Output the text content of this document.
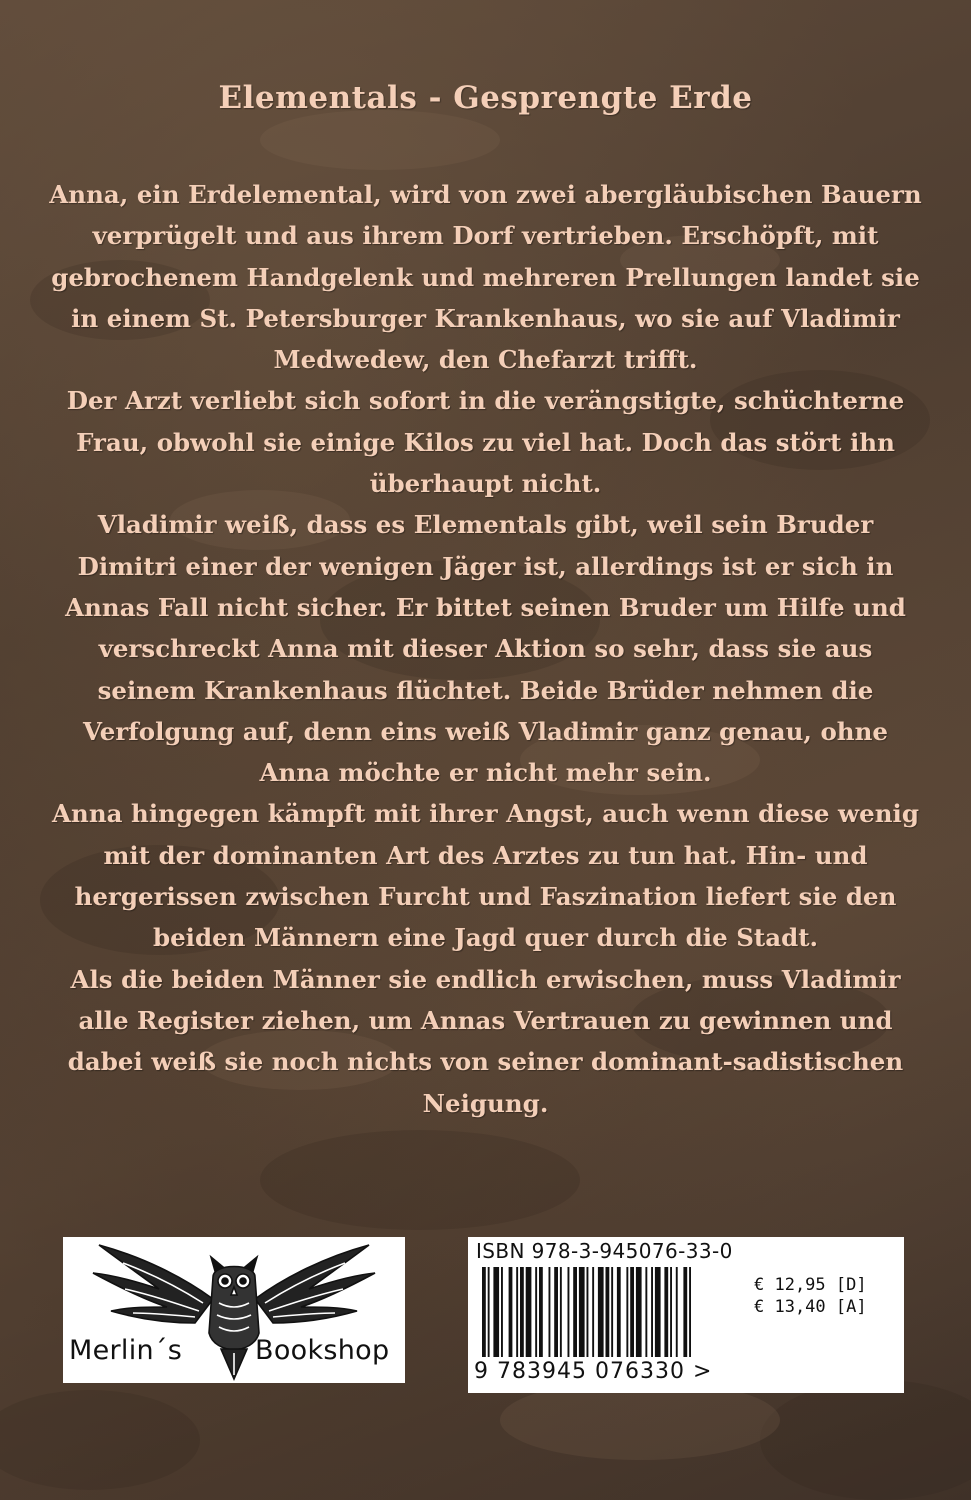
Elementals - Gesprengte Erde

Anna, ein Erdelemental, wird von zwei abergläubischen Bauern

verprügelt und aus ihrem Dorf vertrieben. Erschöpft, mit

gebrochenem Handgelenk und mehreren Prellungen landet sie

in einem St. Petersburger Krankenhaus, wo sie auf Vladimir

Medwedew, den Chefarzt trifft.

Der Arzt verliebt sich sofort in die verängstigte, schüchterne

Frau, obwohl sie einige Kilos zu viel hat. Doch das stört ihn

überhaupt nicht.

Vladimir weiß, dass es Elementals gibt, weil sein Bruder

Dimitri einer der wenigen Jäger ist, allerdings ist er sich in

Annas Fall nicht sicher. Er bittet seinen Bruder um Hilfe und

verschreckt Anna mit dieser Aktion so sehr, dass sie aus

seinem Krankenhaus flüchtet. Beide Brüder nehmen die

Verfolgung auf, denn eins weiß Vladimir ganz genau, ohne

Anna möchte er nicht mehr sein.

Anna hingegen kämpft mit ihrer Angst, auch wenn diese wenig

mit der dominanten Art des Arztes zu tun hat. Hin- und

hergerissen zwischen Furcht und Faszination liefert sie den

beiden Männern eine Jagd quer durch die Stadt.

Als die beiden Männer sie endlich erwischen, muss Vladimir

alle Register ziehen, um Annas Vertrauen zu gewinnen und

dabei weiß sie noch nichts von seiner dominant-sadistischen

Neigung.

Merlin´s	Bookshop
ISBN 978-3-945076-33-0
€ 12,95 [D]
€ 13,40 [A]
9 783945 076330 >
